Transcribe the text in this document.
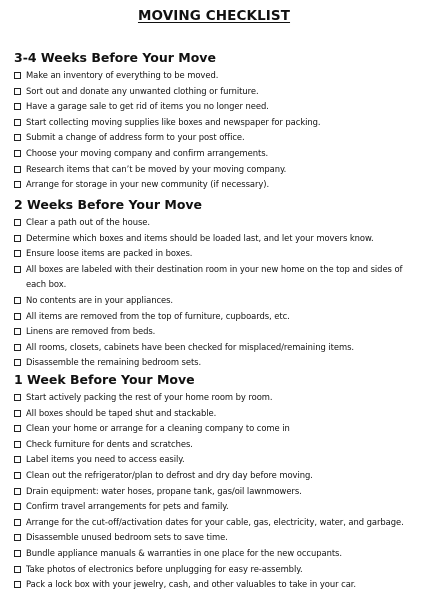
MOVING CHECKLIST
3-4 Weeks Before Your Move
Make an inventory of everything to be moved.
Sort out and donate any unwanted clothing or furniture.
Have a garage sale to get rid of items you no longer need.
Start collecting moving supplies like boxes and newspaper for packing.
Submit a change of address form to your post office.
Choose your moving company and confirm arrangements.
Research items that can’t be moved by your moving company.
Arrange for storage in your new community (if necessary).
2 Weeks Before Your Move
Clear a path out of the house.
Determine which boxes and items should be loaded last, and let your movers know.
Ensure loose items are packed in boxes.
All boxes are labeled with their destination room in your new home on the top and sides of each box.
No contents are in your appliances.
All items are removed from the top of furniture, cupboards, etc.
Linens are removed from beds.
All rooms, closets, cabinets have been checked for misplaced/remaining items.
Disassemble the remaining bedroom sets.
1 Week Before Your Move
Start actively packing the rest of your home room by room.
All boxes should be taped shut and stackable.
Clean your home or arrange for a cleaning company to come in
Check furniture for dents and scratches.
Label items you need to access easily.
Clean out the refrigerator/plan to defrost and dry day before moving.
Drain equipment: water hoses, propane tank, gas/oil lawnmowers.
Confirm travel arrangements for pets and family.
Arrange for the cut-off/activation dates for your cable, gas, electricity, water, and garbage.
Disassemble unused bedroom sets to save time.
Bundle appliance manuals & warranties in one place for the new occupants.
Take photos of electronics before unplugging for easy re-assembly.
Pack a lock box with your jewelry, cash, and other valuables to take in your car.
